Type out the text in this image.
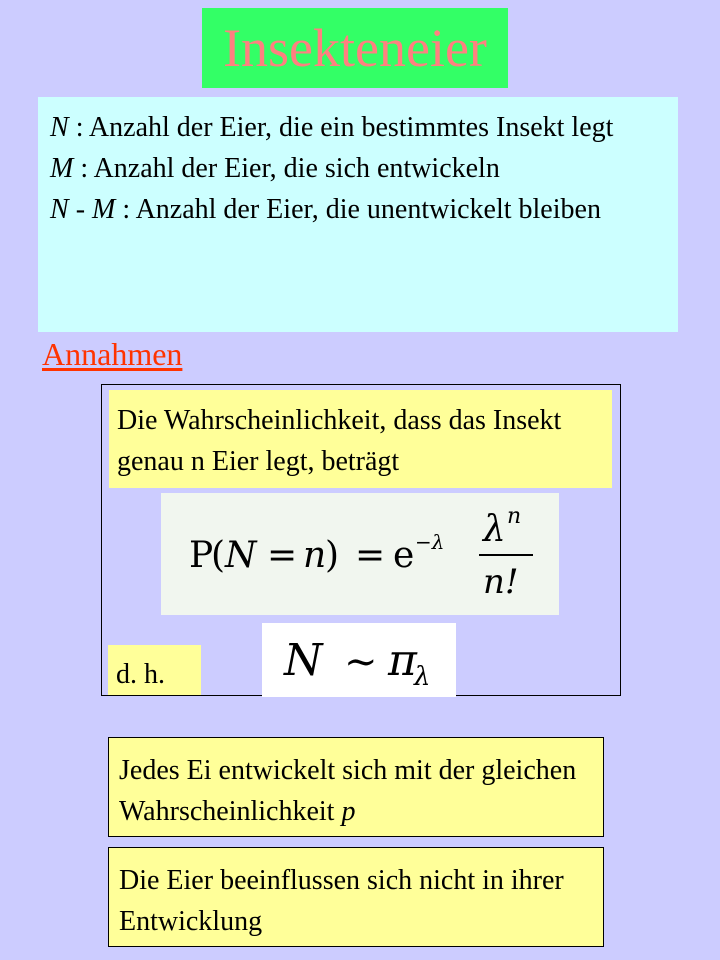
Insekteneier
N : Anzahl der Eier, die ein bestimmtes Insekt legt
M : Anzahl der Eier, die sich entwickeln
N - M : Anzahl der Eier, die unentwickelt bleiben
Annahmen
Die Wahrscheinlichkeit, dass das Insekt genau n Eier legt, beträgt
P
( N = n
) = e −λ λ n
n!
d. h.	N ∼ π
λ
Jedes Ei entwickelt sich mit der gleichen Wahrscheinlichkeit p
Die Eier beeinflussen sich nicht in ihrer Entwicklung
